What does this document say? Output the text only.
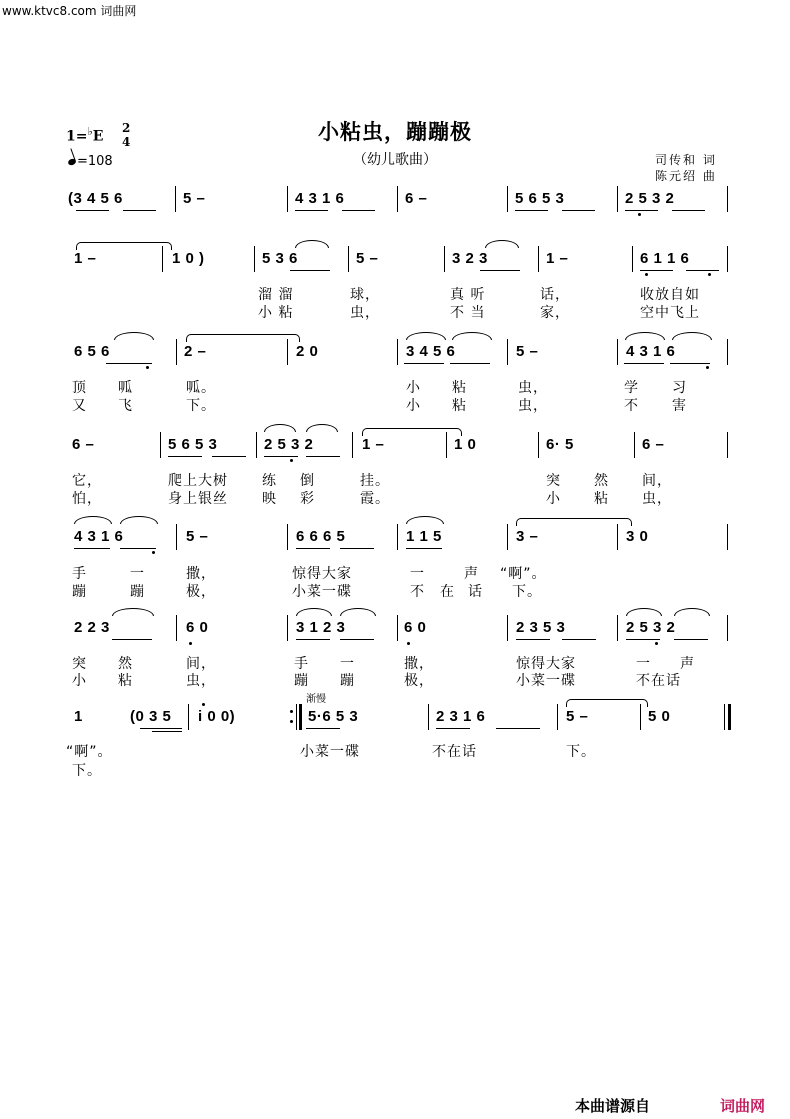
www.ktvc8.com 词曲网
小粘虫，蹦蹦极
（幼儿歌曲）
1=♭E
2
4
=108	司传和 词
陈元绍 曲
(3 4 5 6	5 –	4 3 1 6	6 –	5 6 5 3	2 5 3 2
1 –	1 0 )	5 3 6	5 –	3 2 3	1 –	6 1 1 6
溜 溜	球，	真 听	话，	收放自如
小 粘	虫，	不 当	家，	空中飞上
6 5 6	2 –	2 0	3 4 5 6	5 –	4 3 1 6
顶 呱	呱。	小 粘	虫，	学 习
又 飞	下。	小 粘	虫，	不 害
6 –	5 6 5 3	2 5 3 2	1 –	1 0	6· 5	6 –
它，	爬上大树 练 倒	挂。	突 然 间，
怕，	身上银丝 映 彩	霞。	小 粘 虫，
4 3 1 6	5 –	6 6 6 5	1 1 5	3 –	3 0
手	一	撒，	惊得大家	一	声 “啊”。
蹦	蹦	极，	小菜一碟	不 在 话 下。
2 2 3	6 0	3 1 2 3	6 0	2 3 5 3	2 5 3 2
突 然	间，	手 一	撒，	惊得大家	一 声
小 粘	虫，	蹦 蹦	极，	小菜一碟	不在话
渐慢
1	(0 3 5 i 0 0)	5·6 5 3	2 3 1 6	5 –	5 0
“啊”。	小菜一碟	不在话	下。
下。
本曲谱源自	词曲网
